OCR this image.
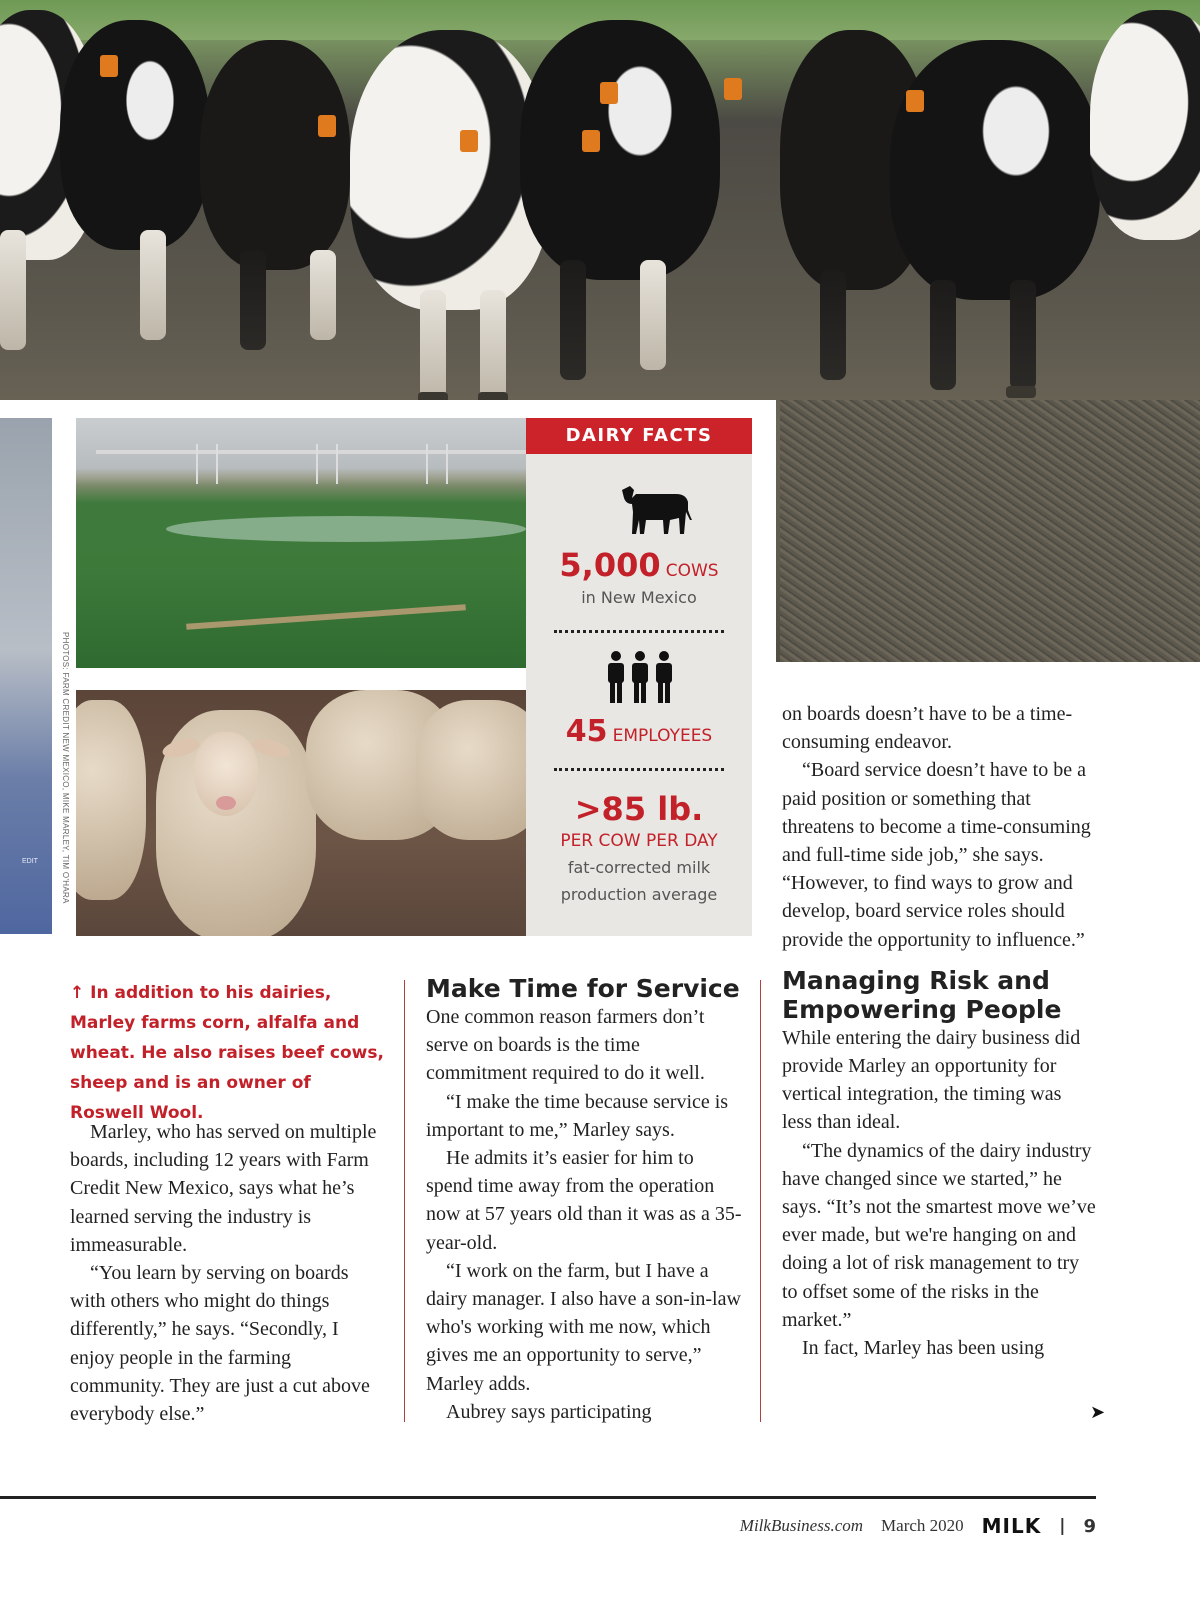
EDIT	PHOTOS: FARM CREDIT NEW MEXICO, MIKE MARLEY, TIM O'HARA
DAIRY FACTS
5,000 COWS
in New Mexico
45 EMPLOYEES
>85 lb.
PER COW PER DAY
fat-corrected milk
production average
↑ In addition to his dairies, Marley farms corn, alfalfa and wheat. He also raises beef cows, sheep and is an owner of Roswell Wool.

Marley, who has served on multiple boards, including 12 years with Farm Credit New Mexico, says what he’s learned serving the industry is immeasurable.

“You learn by serving on boards with others who might do things differently,” he says. “Secondly, I enjoy people in the farming community. They are just a cut above everybody else.”

Make Time for Service

One common reason farmers don’t serve on boards is the time commitment required to do it well.

“I make the time because service is important to me,” Marley says.

He admits it’s easier for him to spend time away from the operation now at 57 years old than it was as a 35-year-old.

“I work on the farm, but I have a dairy manager. I also have a son-in-law who's working with me now, which gives me an opportunity to serve,” Marley adds.

Aubrey says participating

on boards doesn’t have to be a time-consuming endeavor.

“Board service doesn’t have to be a paid position or something that threatens to become a time-consuming and full-time side job,” she says. “However, to find ways to grow and develop, board service roles should provide the opportunity to influence.”

Managing Risk and Empowering People

While entering the dairy business did provide Marley an opportunity for vertical integration, the timing was less than ideal.

“The dynamics of the dairy industry have changed since we started,” he says. “It’s not the smartest move we’ve ever made, but we're hanging on and doing a lot of risk management to try to offset some of the risks in the market.”

In fact, Marley has been using

➤
MilkBusiness.com March 2020 MILK | 9
